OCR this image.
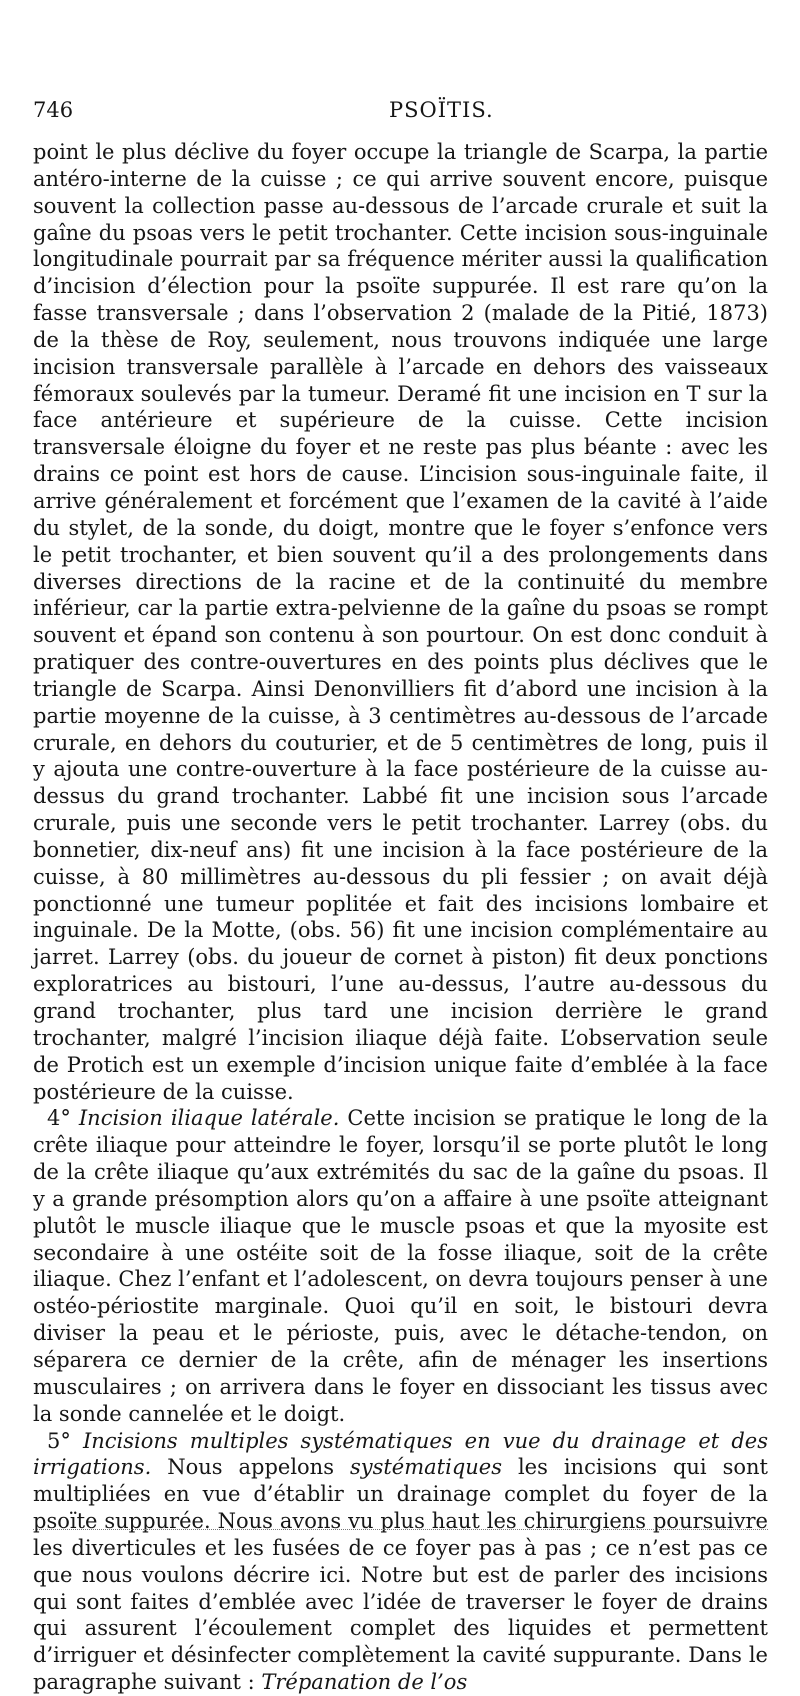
746	PSOÏTIS.

point le plus déclive du foyer occupe la triangle de Scarpa, la partie antéro-interne de la cuisse ; ce qui arrive souvent encore, puisque souvent la collection passe au-dessous de l’arcade crurale et suit la gaîne du psoas vers le petit trochanter. Cette incision sous-inguinale longitudinale pourrait par sa fréquence mériter aussi la qualification d’incision d’élection pour la psoïte suppurée. Il est rare qu’on la fasse transversale ; dans l’observation 2 (malade de la Pitié, 1873) de la thèse de Roy, seulement, nous trouvons indiquée une large incision transversale parallèle à l’arcade en dehors des vaisseaux fémoraux soulevés par la tumeur. Deramé fit une incision en T sur la face antérieure et supérieure de la cuisse. Cette incision transversale éloigne du foyer et ne reste pas plus béante : avec les drains ce point est hors de cause. L’incision sous-inguinale faite, il arrive généralement et forcément que l’examen de la cavité à l’aide du stylet, de la sonde, du doigt, montre que le foyer s’enfonce vers le petit trochanter, et bien souvent qu’il a des prolongements dans diverses directions de la racine et de la continuité du membre inférieur, car la partie extra-pelvienne de la gaîne du psoas se rompt souvent et épand son contenu à son pourtour. On est donc conduit à pratiquer des contre-ouvertures en des points plus déclives que le triangle de Scarpa. Ainsi Denonvilliers fit d’abord une incision à la partie moyenne de la cuisse, à 3 centimètres au-dessous de l’arcade crurale, en dehors du couturier, et de 5 centimètres de long, puis il y ajouta une contre-ouverture à la face postérieure de la cuisse au-dessus du grand trochanter. Labbé fit une incision sous l’arcade crurale, puis une seconde vers le petit trochanter. Larrey (obs. du bonnetier, dix-neuf ans) fit une incision à la face postérieure de la cuisse, à 80 millimètres au-dessous du pli fessier ; on avait déjà ponctionné une tumeur poplitée et fait des incisions lombaire et inguinale. De la Motte, (obs. 56) fit une incision complémentaire au jarret. Larrey (obs. du joueur de cornet à piston) fit deux ponctions exploratrices au bistouri, l’une au-dessus, l’autre au-dessous du grand trochanter, plus tard une incision derrière le grand trochanter, malgré l’incision iliaque déjà faite. L’observation seule de Protich est un exemple d’incision unique faite d’emblée à la face postérieure de la cuisse.

4° Incision iliaque latérale. Cette incision se pratique le long de la crête iliaque pour atteindre le foyer, lorsqu’il se porte plutôt le long de la crête iliaque qu’aux extrémités du sac de la gaîne du psoas. Il y a grande présomption alors qu’on a affaire à une psoïte atteignant plutôt le muscle iliaque que le muscle psoas et que la myosite est secondaire à une ostéite soit de la fosse iliaque, soit de la crête iliaque. Chez l’enfant et l’adolescent, on devra toujours penser à une ostéo-périostite marginale. Quoi qu’il en soit, le bistouri devra diviser la peau et le périoste, puis, avec le détache-tendon, on séparera ce dernier de la crête, afin de ménager les insertions musculaires ; on arrivera dans le foyer en dissociant les tissus avec la sonde cannelée et le doigt.

5° Incisions multiples systématiques en vue du drainage et des irrigations. Nous appelons systématiques les incisions qui sont multipliées en vue d’établir un drainage complet du foyer de la psoïte suppurée. Nous avons vu plus haut les chirurgiens poursuivre les diverticules et les fusées de ce foyer pas à pas ; ce n’est pas ce que nous voulons décrire ici. Notre but est de parler des incisions qui sont faites d’emblée avec l’idée de traverser le foyer de drains qui assurent l’écoulement complet des liquides et permettent d’irriguer et désinfecter complètement la cavité suppurante. Dans le paragraphe suivant : Trépanation de l’os
